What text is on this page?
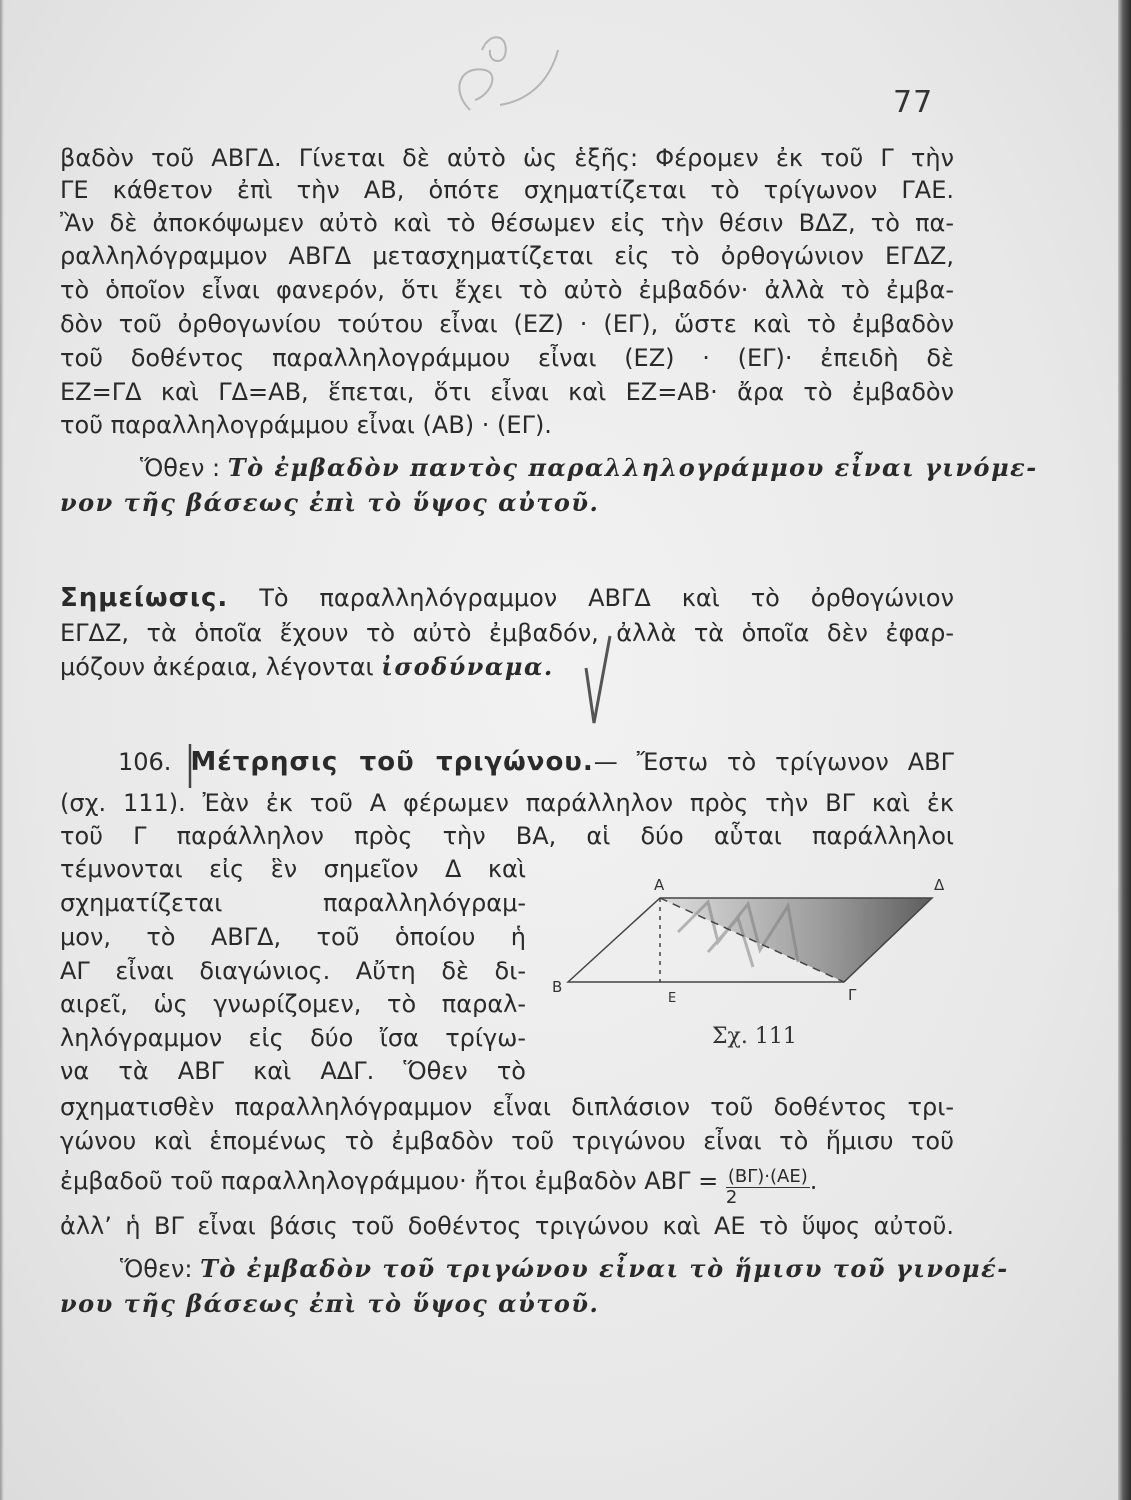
77

βαδὸν τοῦ ΑΒΓΔ. Γίνεται δὲ αὐτὸ ὡς ἑξῆς: Φέρομεν ἐκ τοῦ Γ τὴν

ΓΕ κάθετον ἐπὶ τὴν ΑΒ, ὁπότε σχηματίζεται τὸ τρίγωνον ΓΑΕ.

Ἂν δὲ ἀποκόψωμεν αὐτὸ καὶ τὸ θέσωμεν εἰς τὴν θέσιν ΒΔΖ, τὸ πα-

ραλληλόγραμμον ΑΒΓΔ μετασχηματίζεται εἰς τὸ ὀρθογώνιον ΕΓΔΖ,

τὸ ὁποῖον εἶναι φανερόν, ὅτι ἔχει τὸ αὐτὸ ἐμβαδόν· ἀλλὰ τὸ ἐμβα-

δὸν τοῦ ὀρθογωνίου τούτου εἶναι (ΕΖ) · (ΕΓ), ὥστε καὶ τὸ ἐμβαδὸν

τοῦ δοθέντος παραλληλογράμμου εἶναι (ΕΖ) · (ΕΓ)· ἐπειδὴ δὲ

ΕΖ=ΓΔ καὶ ΓΔ=ΑΒ, ἕπεται, ὅτι εἶναι καὶ ΕΖ=ΑΒ· ἄρα τὸ ἐμβαδὸν

τοῦ παραλληλογράμμου εἶναι (ΑΒ) · (ΕΓ).

Ὅθεν : Τὸ ἐμβαδὸν παντὸς παραλληλογράμμου εἶναι γινόμε-

νον τῆς βάσεως ἐπὶ τὸ ὕψος αὐτοῦ.

Σημείωσις. Τὸ παραλληλόγραμμον ΑΒΓΔ καὶ τὸ ὀρθογώνιον

ΕΓΔΖ, τὰ ὁποῖα ἔχουν τὸ αὐτὸ ἐμβαδόν, ἀλλὰ τὰ ὁποῖα δὲν ἐφαρ-

μόζουν ἀκέραια, λέγονται ἰσοδύναμα.

106. Μέτρησις τοῦ τριγώνου.— Ἔστω τὸ τρίγωνον ΑΒΓ

(σχ. 111). Ἐὰν ἐκ τοῦ Α φέρωμεν παράλληλον πρὸς τὴν ΒΓ καὶ ἐκ

τοῦ Γ παράλληλον πρὸς τὴν ΒΑ, αἱ δύο αὗται παράλληλοι

τέμνονται εἰς ἓν σημεῖον Δ καὶ

σχηματίζεται παραλληλόγραμ-

μον, τὸ ΑΒΓΔ, τοῦ ὁποίου ἡ

ΑΓ εἶναι διαγώνιος. Αὔτη δὲ δι-

αιρεῖ, ὡς γνωρίζομεν, τὸ παραλ-

ληλόγραμμον εἰς δύο ἴσα τρίγω-

να τὰ ΑΒΓ καὶ ΑΔΓ. Ὅθεν τὸ

Α	Δ
Β	Γ
Ε
Σχ. 111

σχηματισθὲν παραλληλόγραμμον εἶναι διπλάσιον τοῦ δοθέντος τρι-

γώνου καὶ ἑπομένως τὸ ἐμβαδὸν τοῦ τριγώνου εἶναι τὸ ἥμισυ τοῦ

ἐμβαδοῦ τοῦ παραλληλογράμμου· ἤτοι ἐμβαδὸν $AB\Gamma = \frac{(B\Gamma)\cdot(AE)}{2}$ .

ἀλλ’ ἡ ΒΓ εἶναι βάσις τοῦ δοθέντος τριγώνου καὶ ΑΕ τὸ ὕψος αὐτοῦ.

Ὅθεν: Τὸ ἐμβαδὸν τοῦ τριγώνου εἶναι τὸ ἥμισυ τοῦ γινομέ-

νου τῆς βάσεως ἐπὶ τὸ ὕψος αὐτοῦ.
